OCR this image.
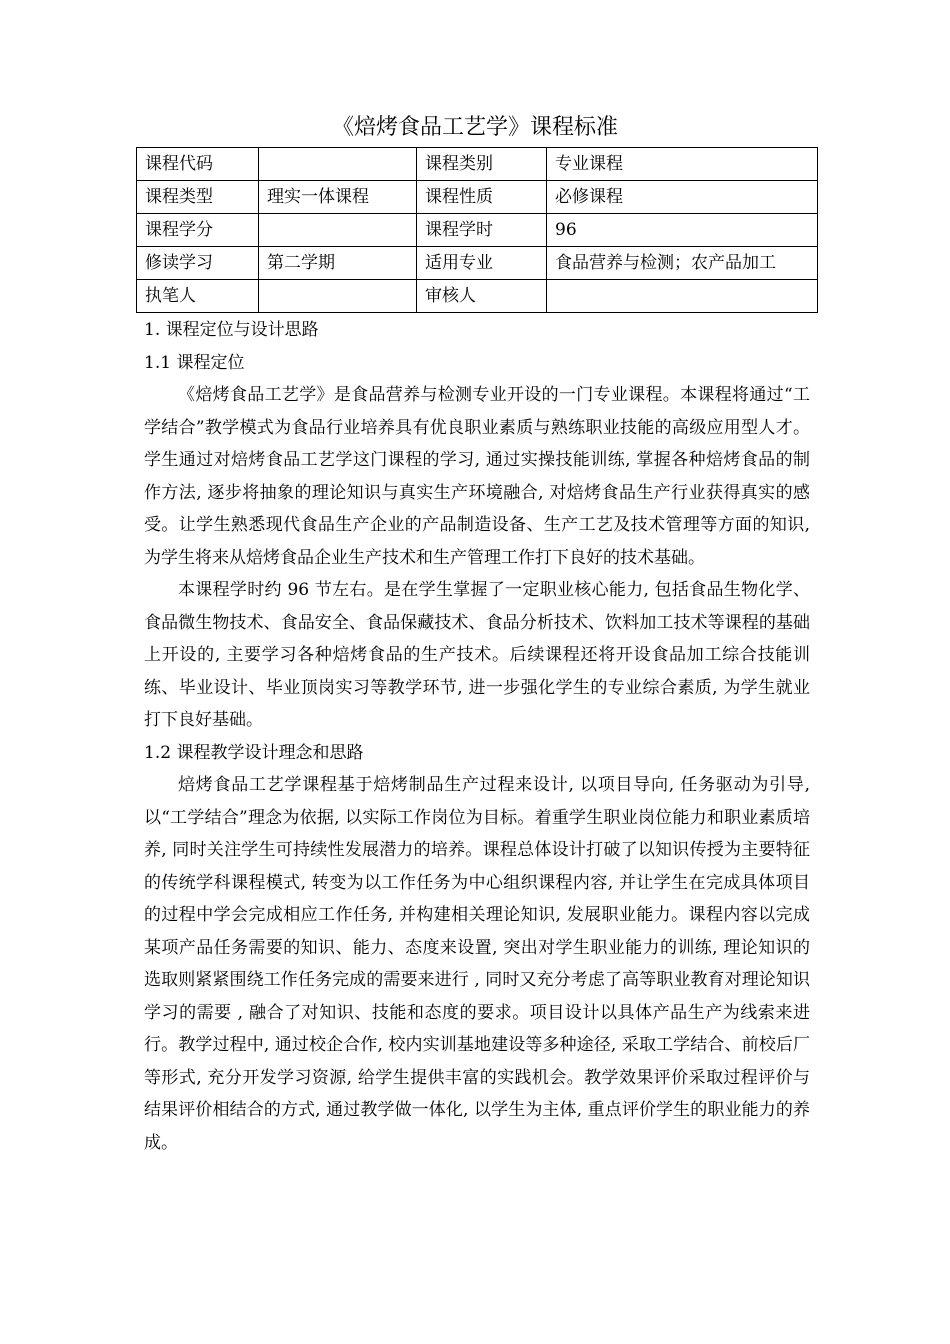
《焙烤食品工艺学》课程标准
课程代码		课程类别	专业课程
课程类型	理实一体课程	课程性质	必修课程
课程学分		课程学时	96
修读学习	第二学期	适用专业	食品营养与检测；农产品加工
执笔人		审核人	

1. 课程定位与设计思路

1.1 课程定位

《焙烤食品工艺学》是食品营养与检测专业开设的一门专业课程。本课程将通过“工学结合”教学模式为食品行业培养具有优良职业素质与熟练职业技能的高级应用型人才。学生通过对焙烤食品工艺学这门课程的学习, 通过实操技能训练, 掌握各种焙烤食品的制作方法, 逐步将抽象的理论知识与真实生产环境融合, 对焙烤食品生产行业获得真实的感受。让学生熟悉现代食品生产企业的产品制造设备、生产工艺及技术管理等方面的知识, 为学生将来从焙烤食品企业生产技术和生产管理工作打下良好的技术基础。

本课程学时约 96 节左右。是在学生掌握了一定职业核心能力, 包括食品生物化学、食品微生物技术、食品安全、食品保藏技术、食品分析技术、饮料加工技术等课程的基础上开设的, 主要学习各种焙烤食品的生产技术。后续课程还将开设食品加工综合技能训练、毕业设计、毕业顶岗实习等教学环节, 进一步强化学生的专业综合素质, 为学生就业打下良好基础。

1.2 课程教学设计理念和思路

焙烤食品工艺学课程基于焙烤制品生产过程来设计, 以项目导向, 任务驱动为引导, 以“工学结合”理念为依据, 以实际工作岗位为目标。着重学生职业岗位能力和职业素质培养, 同时关注学生可持续性发展潜力的培养。课程总体设计打破了以知识传授为主要特征的传统学科课程模式, 转变为以工作任务为中心组织课程内容, 并让学生在完成具体项目的过程中学会完成相应工作任务, 并构建相关理论知识, 发展职业能力。课程内容以完成某项产品任务需要的知识、能力、态度来设置, 突出对学生职业能力的训练, 理论知识的选取则紧紧围绕工作任务完成的需要来进行 , 同时又充分考虑了高等职业教育对理论知识学习的需要 , 融合了对知识、技能和态度的要求。项目设计以具体产品生产为线索来进行。教学过程中, 通过校企合作, 校内实训基地建设等多种途径, 采取工学结合、前校后厂等形式, 充分开发学习资源, 给学生提供丰富的实践机会。教学效果评价采取过程评价与结果评价相结合的方式, 通过教学做一体化, 以学生为主体, 重点评价学生的职业能力的养成。
